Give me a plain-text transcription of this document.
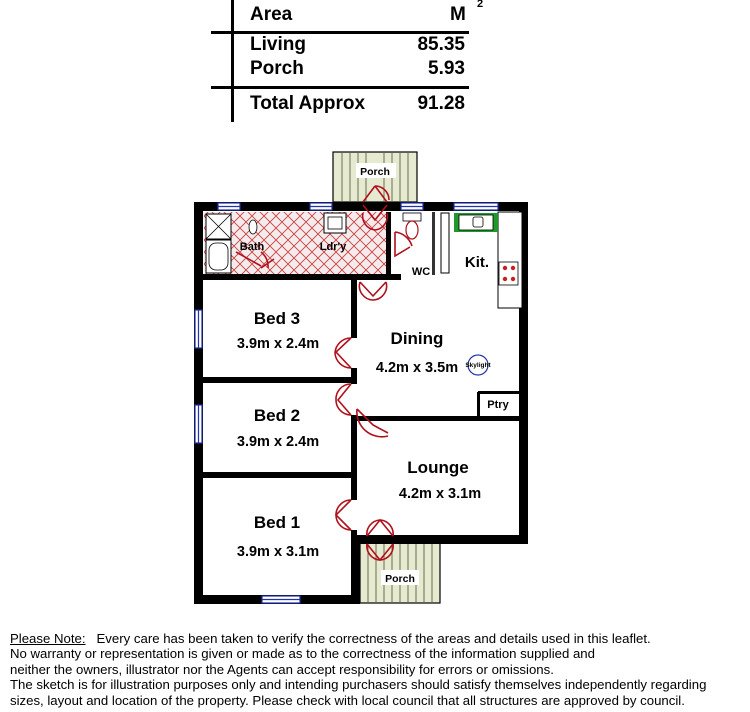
Area	M 2
Living	85.35
Porch	5.93
Total Approx	91.28
Porch
Porch
Skylight
Bath	Ldr'y
WC
Kit.
Bed 3
3.9m x 2.4m	Dining
4.2m x 3.5m
Ptry
Bed 2
3.9m x 2.4m
Lounge
4.2m x 3.1m
Bed 1
3.9m x 3.1m

Please Note: Every care has been taken to verify the correctness of the areas and details used in this leaflet.

No warranty or representation is given or made as to the correctness of the information supplied and

neither the owners, illustrator nor the Agents can accept responsibility for errors or omissions.

The sketch is for illustration purposes only and intending purchasers should satisfy themselves independently regarding

sizes, layout and location of the property. Please check with local council that all structures are approved by council.
